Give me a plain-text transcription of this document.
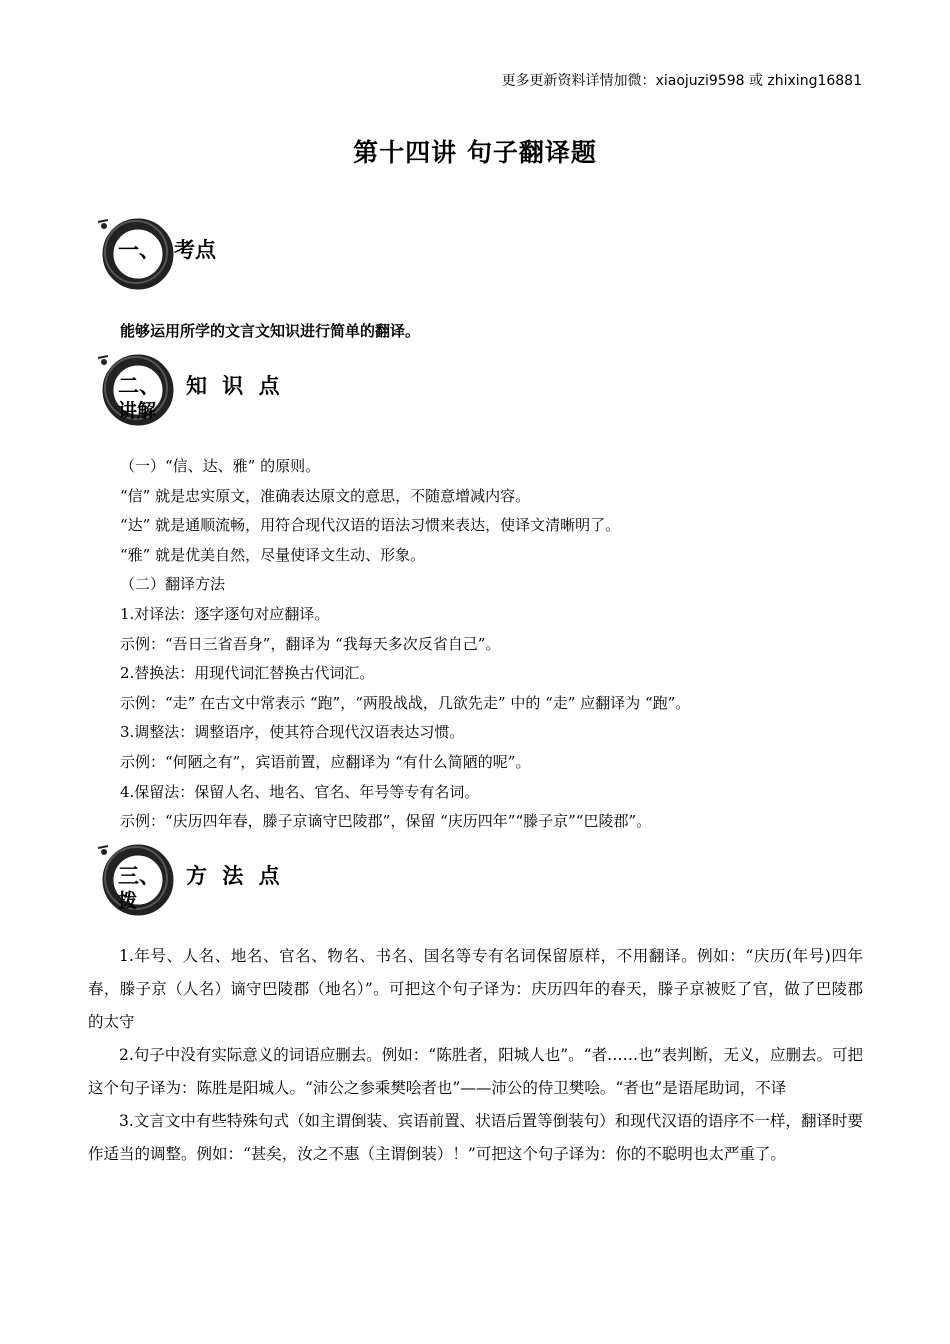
更多更新资料详情加微：xiaojuzi9598 或 zhixing16881
第十四讲 句子翻译题
一、 考点
能够运用所学的文言文知识进行简单的翻译。
二、
讲解
知 识 点

（一）“信、达、雅” 的原则。

“信” 就是忠实原文，准确表达原文的意思，不随意增减内容。

“达” 就是通顺流畅，用符合现代汉语的语法习惯来表达，使译文清晰明了。

“雅” 就是优美自然，尽量使译文生动、形象。

（二）翻译方法

1.对译法：逐字逐句对应翻译。

示例：“吾日三省吾身”，翻译为 “我每天多次反省自己”。

2.替换法：用现代词汇替换古代词汇。

示例：“走” 在古文中常表示 “跑”，“两股战战，几欲先走” 中的 “走” 应翻译为 “跑”。

3.调整法：调整语序，使其符合现代汉语表达习惯。

示例：“何陋之有”，宾语前置，应翻译为 “有什么简陋的呢”。

4.保留法：保留人名、地名、官名、年号等专有名词。

示例：“庆历四年春，滕子京谪守巴陵郡”，保留 “庆历四年”“滕子京”“巴陵郡”。

三、
拨
方 法 点

1.年号、人名、地名、官名、物名、书名、国名等专有名词保留原样，不用翻译。例如：“庆历(年号)四年春，滕子京（人名）谪守巴陵郡（地名）”。可把这个句子译为：庆历四年的春天，滕子京被贬了官，做了巴陵郡的太守

2.句子中没有实际意义的词语应删去。例如：“陈胜者，阳城人也”。“者……也”表判断，无义，应删去。可把这个句子译为：陈胜是阳城人。“沛公之参乘樊哙者也”——沛公的侍卫樊哙。“者也”是语尾助词，不译

3.文言文中有些特殊句式（如主谓倒装、宾语前置、状语后置等倒装句）和现代汉语的语序不一样，翻译时要作适当的调整。例如：“甚矣，汝之不惠（主谓倒装）！”可把这个句子译为：你的不聪明也太严重了。
